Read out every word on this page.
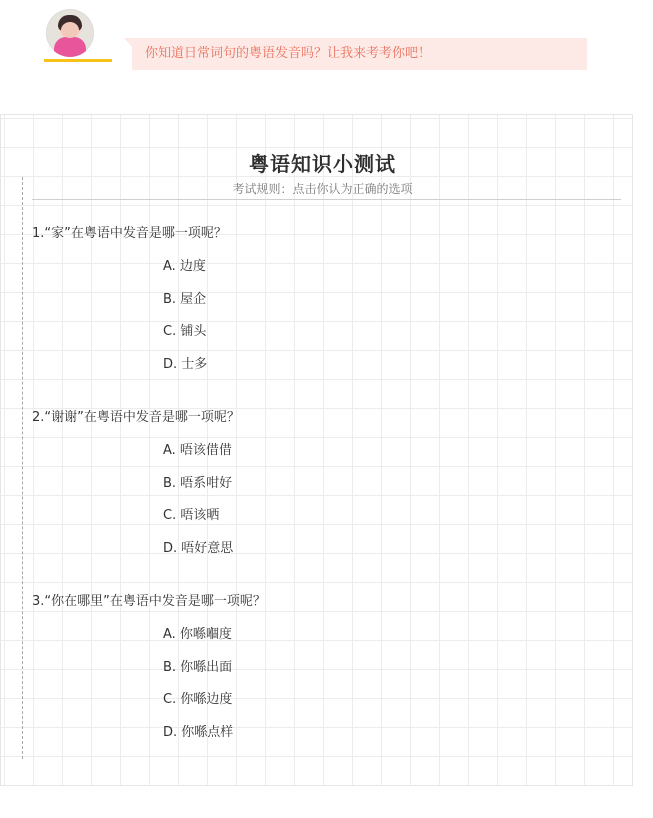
你知道日常词句的粤语发音吗？让我来考考你吧！
粤语知识小测试
考试规则：点击你认为正确的选项
1.“家”在粤语中发音是哪一项呢？
A. 边度
B. 屋企
C. 铺头
D. 士多
2.“谢谢”在粤语中发音是哪一项呢？
A. 唔该借借
B. 唔系咁好
C. 唔该晒
D. 唔好意思
3.“你在哪里”在粤语中发音是哪一项呢？
A. 你喺嗰度
B. 你喺出面
C. 你喺边度
D. 你喺点样
